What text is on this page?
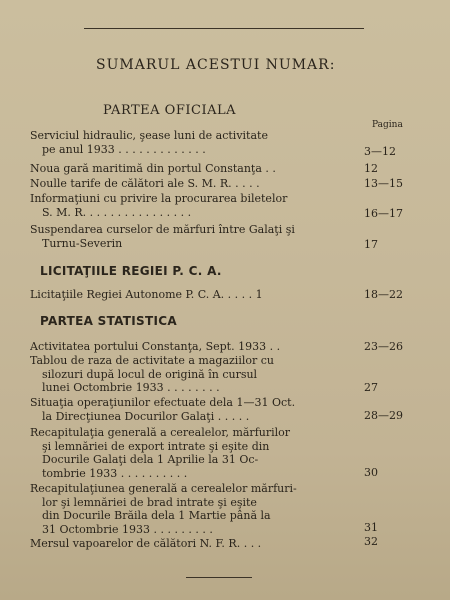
SUMARUL ACESTUI NUMAR:
PARTEA OFICIALA
Pagina
Serviciul hidraulic, şease luni de activitate
pe anul 1933 . . . . . . . . . . . . .	3—12
Noua gară maritimă din portul Constanţa . .	12
Noulle tarife de călători ale S. M. R. . . . .	13—15
Informaţiuni cu privire la procurarea biletelor
S. M. R. . . . . . . . . . . . . . . .	16—17
Suspendarea curselor de mărfuri între Galaţi şi
Turnu-Severin	17
LICITAŢIILE REGIEI P. C. A.
Licitaţiile Regiei Autonome P. C. A. . . . . 1	18—22
PARTEA STATISTICA
Activitatea portului Constanţa, Sept. 1933 . .	23—26
Tablou de raza de activitate a magaziilor cu
silozuri după locul de origină în cursul
lunei Octombrie 1933 . . . . . . . .	27
Situaţia operaţiunilor efectuate dela 1—31 Oct.
la Direcţiunea Docurilor Galaţi . . . . .	28—29
Recapitulaţia generală a cerealelor, mărfurilor
şi lemnăriei de export intrate şi eşite din
Docurile Galaţi dela 1 Aprilie la 31 Oc-
tombrie 1933 . . . . . . . . . .	30
Recapitulaţiunea generală a cerealelor mărfuri-
lor şi lemnăriei de brad intrate şi eşite
din Docurile Brăila dela 1 Martie până la
31 Octombrie 1933 . . . . . . . . .	31
Mersul vapoarelor de călători N. F. R. . . .	32
